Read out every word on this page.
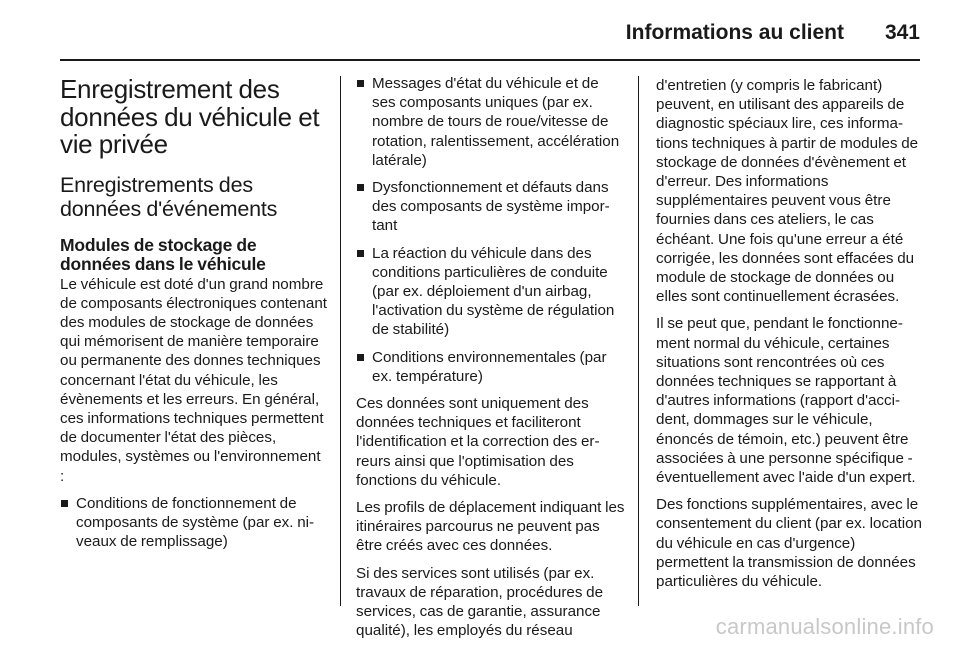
Informations au client 341
Enregistrement des données du véhicule et vie privée
Enregistrements des données d'événements
Modules de stockage de données dans le véhicule

Le véhicule est doté d'un grand nombre de composants électroniques contenant des modules de stockage de données qui mémorisent de manière temporaire ou permanente des donnes techniques concernant l'état du véhicule, les évènements et les erreurs. En général, ces informations techniques permettent de documenter l'état des pièces, modules, systèmes ou l'environnement :

Conditions de fonctionnement de composants de système (par ex. niveaux de remplissage)
Messages d'état du véhicule et de ses composants uniques (par ex. nombre de tours de roue/vitesse de rotation, ralentissement, accélération latérale)
Dysfonctionnement et défauts dans des composants de système important
La réaction du véhicule dans des conditions particulières de conduite (par ex. déploiement d'un airbag, l'activation du système de régulation de stabilité)
Conditions environnementales (par ex. température)

Ces données sont uniquement des données techniques et faciliteront l'identification et la correction des erreurs ainsi que l'optimisation des fonctions du véhicule.

Les profils de déplacement indiquant les itinéraires parcourus ne peuvent pas être créés avec ces données.

Si des services sont utilisés (par ex. travaux de réparation, procédures de services, cas de garantie, assurance qualité), les employés du réseau

d'entretien (y compris le fabricant) peuvent, en utilisant des appareils de diagnostic spéciaux lire, ces informations techniques à partir de modules de stockage de données d'évènement et d'erreur. Des informations supplémentaires peuvent vous être fournies dans ces ateliers, le cas échéant. Une fois qu'une erreur a été corrigée, les données sont effacées du module de stockage de données ou elles sont continuellement écrasées.

Il se peut que, pendant le fonctionnement normal du véhicule, certaines situations sont rencontrées où ces données techniques se rapportant à d'autres informations (rapport d'accident, dommages sur le véhicule, énoncés de témoin, etc.) peuvent être associées à une personne spécifique - éventuellement avec l'aide d'un expert.

Des fonctions supplémentaires, avec le consentement du client (par ex. location du véhicule en cas d'urgence) permettent la transmission de données particulières du véhicule.

carmanualsonline.info
